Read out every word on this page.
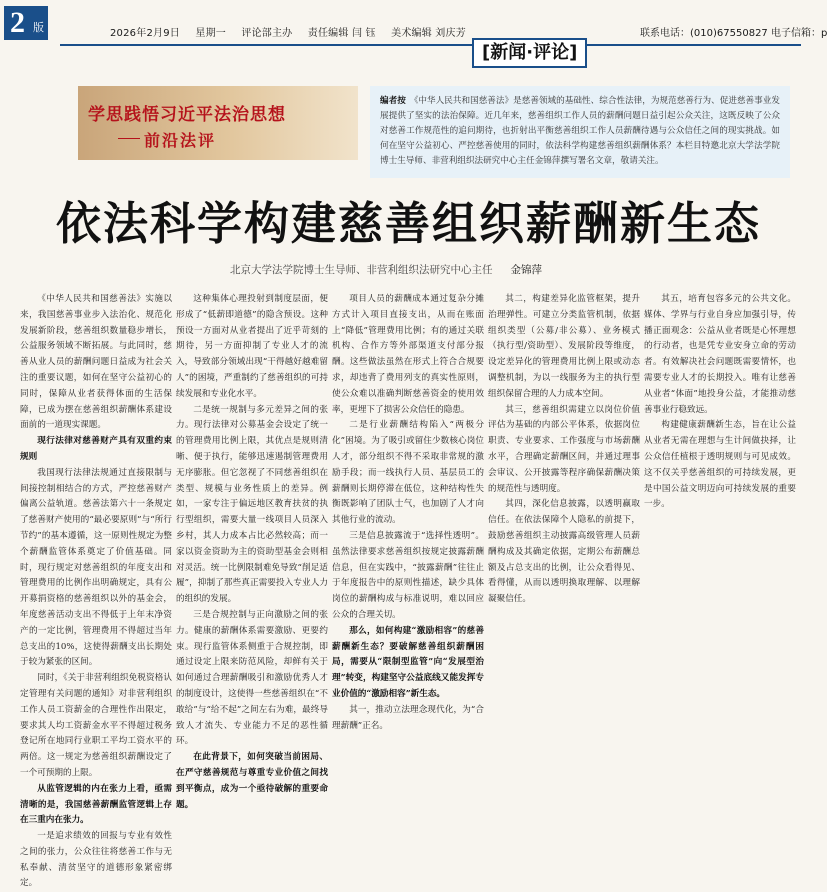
2 版	2026年2月9日 星期一 评论部主办 责任编辑 闫 钰 美术编辑 刘庆芳	联系电话：(010)67550827 电子信箱：p
[新闻·评论]
学思践悟习近平法治思想
前沿法评
编者按 《中华人民共和国慈善法》是慈善领域的基础性、综合性法律，为规范慈善行为、促进慈善事业发展提供了坚实的法治保障。近几年来，慈善组织工作人员的薪酬问题日益引起公众关注，这既反映了公众对慈善工作规范性的追问期待，也折射出平衡慈善组织工作人员薪酬待遇与公众信任之间的现实挑战。如何在坚守公益初心、严控慈善使用的同时，依法科学构建慈善组织薪酬体系？本栏目特邀北京大学法学院博士生导师、非营利组织法研究中心主任金锦萍撰写署名文章，敬请关注。
依法科学构建慈善组织薪酬新生态
北京大学法学院博士生导师、非营利组织法研究中心主任 金锦萍

《中华人民共和国慈善法》实施以来，我国慈善事业步入法治化、规范化发展新阶段，慈善组织数量稳步增长，公益服务领域不断拓展。与此同时，慈善从业人员的薪酬问题日益成为社会关注的重要议题，如何在坚守公益初心的同时，保障从业者获得体面的生活保障，已成为摆在慈善组织薪酬体系建设面前的一道现实课题。

现行法律对慈善财产具有双重约束规则

我国现行法律法规通过直接限制与间接控制相结合的方式，严控慈善财产偏离公益轨道。慈善法第六十一条规定了慈善财产使用的“最必要原则”与“所行节约”的基本遵循，这一原则性规定为整个薪酬监管体系奠定了价值基础。同时，现行规定对慈善组织的年度支出和管理费用的比例作出明确规定，具有公开募捐资格的慈善组织以外的基金会，年度慈善活动支出不得低于上年末净资产的一定比例，管理费用不得超过当年总支出的10%，这使得薪酬支出长期处于较为紧张的区间。

同时，《关于非营利组织免税资格认定管理有关问题的通知》对非营利组织工作人员工资薪金的合理性作出限定，要求其人均工资薪金水平不得超过税务登记所在地同行业职工平均工资水平的两倍。这一规定为慈善组织薪酬设定了一个可预期的上限。

从监管逻辑的内在张力上看，亟需清晰的是，我国慈善薪酬监管逻辑上存在三重内在张力。

一是追求绩效的回报与专业有效性之间的张力，公众往往将慈善工作与无私奉献、清贫坚守的道德形象紧密绑定。

这种集体心理投射到制度层面，便形成了“低薪即道德”的隐含预设。这种预设一方面对从业者提出了近乎苛刻的期待，另一方面抑制了专业人才的流入，导致部分领域出现“干得越好越难留人”的困境，严重制约了慈善组织的可持续发展和专业化水平。

二是统一规制与多元差异之间的张力。现行法律对公募基金会设定了统一的管理费用比例上限，其优点是规则清晰、便于执行，能够迅速遏制管理费用无序膨胀。但它忽视了不同慈善组织在类型、规模与业务性质上的差异。例如，一家专注于偏远地区教育扶贫的执行型组织，需要大量一线项目人员深入乡村，其人力成本占比必然较高；而一家以资金资助为主的资助型基金会则相对灵活。统一比例限制难免导致“削足适履”，抑制了那些真正需要投入专业人力的组织的发展。

三是合规控制与正向激励之间的张力。健康的薪酬体系需要激励、更要约束。现行监管体系侧重于合规控制，即通过设定上限来防范风险，却鲜有关于如何通过合理薪酬吸引和激励优秀人才的制度设计，这使得一些慈善组织在“不敢给”与“给不起”之间左右为难，最终导致人才流失、专业能力不足的恶性循环。

在此背景下，如何突破当前困局、在严守慈善规范与尊重专业价值之间找到平衡点，成为一个亟待破解的重要命题。

项目人员的薪酬成本通过复杂分摊方式计入项目直接支出，从而在账面上“降低”管理费用比例；有的通过关联机构、合作方等外部渠道支付部分报酬。这些做法虽然在形式上符合合规要求，却违背了费用列支的真实性原则，使公众难以准确判断慈善资金的使用效率，更埋下了损害公众信任的隐患。

二是行业薪酬结构陷入“两极分化”困境。为了吸引或留住少数核心岗位人才，部分组织不得不采取非常规的激励手段；而一线执行人员、基层员工的薪酬则长期停滞在低位，这种结构性失衡既影响了团队士气，也加剧了人才向其他行业的流动。

三是信息披露流于“选择性透明”。虽然法律要求慈善组织按规定披露薪酬信息，但在实践中，“披露薪酬”往往止于年度报告中的原则性描述，缺少具体岗位的薪酬构成与标准说明，难以回应公众的合理关切。

那么，如何构建“激励相容”的慈善薪酬新生态？要破解慈善组织薪酬困局，需要从“限制型监管”向“发展型治理”转变，构建坚守公益底线又能发挥专业价值的“激励相容”新生态。

其一，推动立法理念现代化，为“合理薪酬”正名。

其二，构建差异化监管框架，提升治理弹性。可建立分类监管机制，依据组织类型（公募/非公募）、业务模式（执行型/资助型）、发展阶段等维度，设定差异化的管理费用比例上限或动态调整机制，为以一线服务为主的执行型组织保留合理的人力成本空间。

其三，慈善组织需建立以岗位价值评估为基础的内部公平体系，依据岗位职责、专业要求、工作强度与市场薪酬水平，合理确定薪酬区间，并通过理事会审议、公开披露等程序确保薪酬决策的规范性与透明度。

其四，深化信息披露，以透明赢取信任。在依法保障个人隐私的前提下，鼓励慈善组织主动披露高级管理人员薪酬构成及其确定依据，定期公布薪酬总额及占总支出的比例，让公众看得见、看得懂，从而以透明换取理解、以理解凝聚信任。

其五，培育包容多元的公共文化。媒体、学界与行业自身应加强引导，传播正面观念：公益从业者既是心怀理想的行动者，也是凭专业安身立命的劳动者。有效解决社会问题既需要情怀，也需要专业人才的长期投入。唯有让慈善从业者“体面”地投身公益，才能推动慈善事业行稳致远。

构建健康薪酬新生态，旨在让公益从业者无需在理想与生计间做抉择，让公众信任植根于透明规则与可见成效。这不仅关乎慈善组织的可持续发展，更是中国公益文明迈向可持续发展的重要一步。
